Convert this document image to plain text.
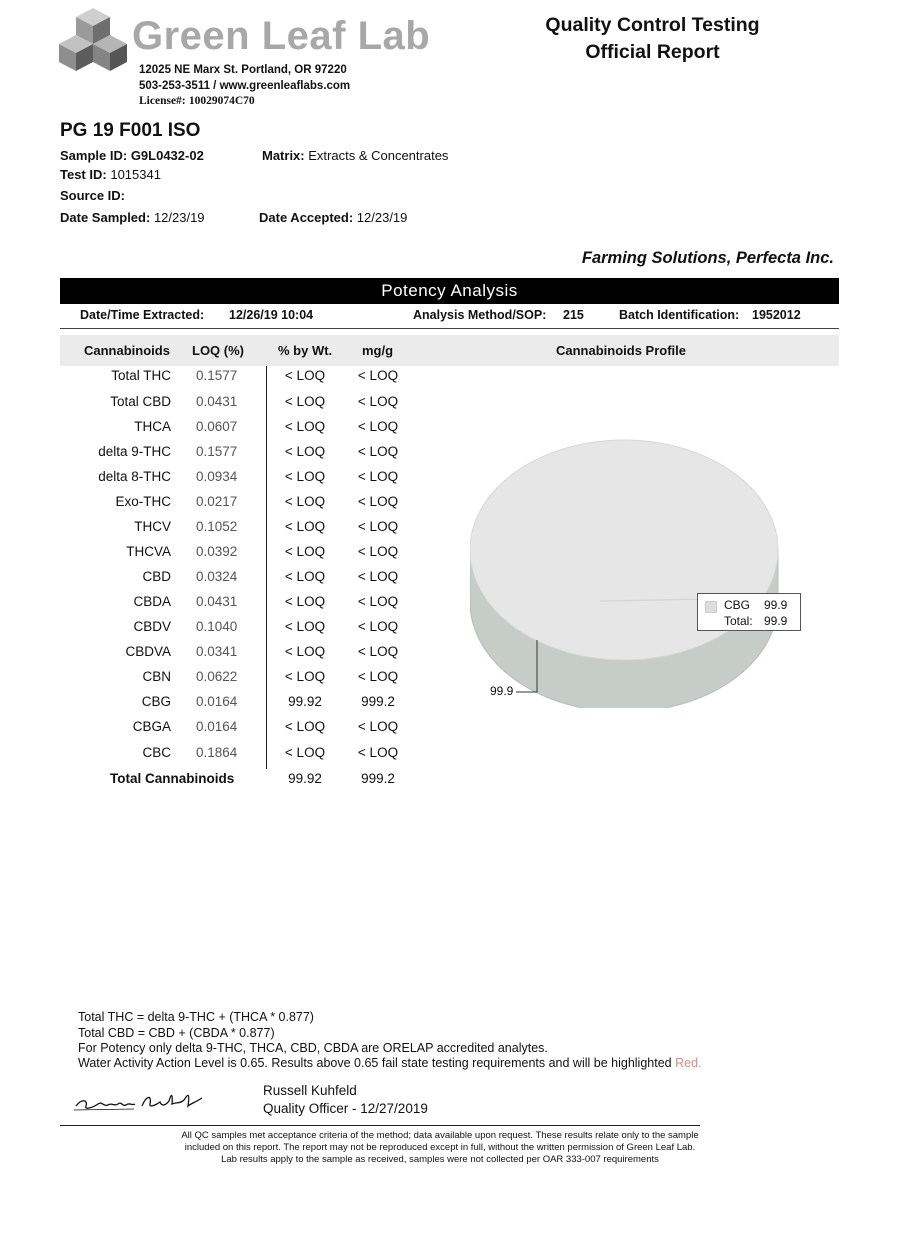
Green Leaf Lab
12025 NE Marx St. Portland, OR 97220
503-253-3511 / www.greenleaflabs.com
License#: 10029074C70
Quality Control Testing
Official Report
PG 19 F001 ISO
Sample ID: G9L0432-02	Matrix: Extracts & Concentrates
Test ID: 1015341
Source ID:
Date Sampled: 12/23/19	Date Accepted: 12/23/19
Farming Solutions, Perfecta Inc.
Potency Analysis
Date/Time Extracted: 12/26/19 10:04	Analysis Method/SOP: 215	Batch Identification: 1952012
Cannabinoids LOQ (%)	% by Wt. mg/g	Cannabinoids Profile
Total THC 0.1577	< LOQ	< LOQ
Total CBD 0.0431	< LOQ	< LOQ
THCA 0.0607	< LOQ	< LOQ
delta 9-THC 0.1577	< LOQ	< LOQ
delta 8-THC 0.0934	< LOQ	< LOQ
Exo-THC 0.0217	< LOQ	< LOQ
THCV 0.1052	< LOQ	< LOQ
THCVA 0.0392	< LOQ	< LOQ
CBD 0.0324	< LOQ	< LOQ
CBDA 0.0431	< LOQ	< LOQ
CBDV 0.1040	< LOQ	< LOQ
CBDVA 0.0341	< LOQ	< LOQ
CBN 0.0622	< LOQ	< LOQ
CBG 0.0164	99.92	999.2
CBGA 0.0164	< LOQ	< LOQ
CBC 0.1864	< LOQ	< LOQ
Total Cannabinoids	99.92	999.2
99.9
CBG 99.9
Total: 99.9
Total THC = delta 9-THC + (THCA * 0.877)
Total CBD = CBD + (CBDA * 0.877)
For Potency only delta 9-THC, THCA, CBD, CBDA are ORELAP accredited analytes.
Water Activity Action Level is 0.65. Results above 0.65 fail state testing requirements and will be highlighted Red.
Russell Kuhfeld
Quality Officer - 12/27/2019
All QC samples met acceptance criteria of the method; data available upon request. These results relate only to the sample
included on this report. The report may not be reproduced except in full, without the written permission of Green Leaf Lab.
Lab results apply to the sample as received, samples were not collected per OAR 333-007 requirements
